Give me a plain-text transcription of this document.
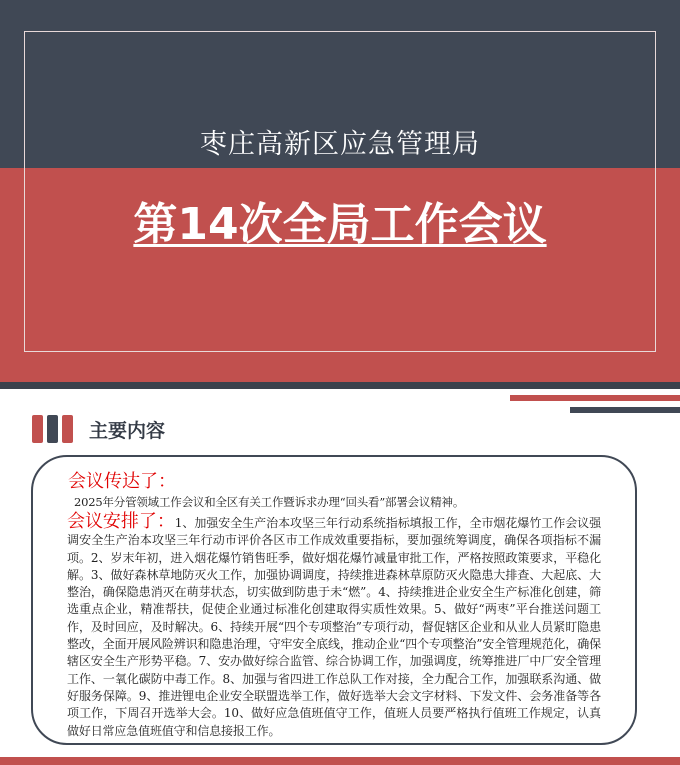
枣庄高新区应急管理局
第14次全局工作会议
主要内容
会议传达了：
2025年分管领域工作会议和全区有关工作暨诉求办理“回头看”部署会议精神。
会议安排了：1、加强安全生产治本攻坚三年行动系统指标填报工作，全市烟花爆竹工作会议强调安全生产治本攻坚三年行动市评价各区市工作成效重要指标，要加强统筹调度，确保各项指标不漏项。2、岁末年初，进入烟花爆竹销售旺季，做好烟花爆竹减量审批工作，严格按照政策要求，平稳化解。3、做好森林草地防灭火工作，加强协调调度，持续推进森林草原防灭火隐患大排查、大起底、大整治，确保隐患消灭在萌芽状态，切实做到防患于未“燃”。4、持续推进企业安全生产标准化创建，筛选重点企业，精准帮扶，促使企业通过标准化创建取得实质性效果。5、做好“两枣”平台推送问题工作，及时回应，及时解决。6、持续开展“四个专项整治”专项行动，督促辖区企业和从业人员紧盯隐患整改，全面开展风险辨识和隐患治理，守牢安全底线，推动企业“四个专项整治”安全管理规范化，确保辖区安全生产形势平稳。7、安办做好综合监管、综合协调工作，加强调度，统筹推进厂中厂安全管理工作、一氧化碳防中毒工作。8、加强与省四进工作总队工作对接，全力配合工作，加强联系沟通、做好服务保障。9、推进锂电企业安全联盟选举工作，做好选举大会文字材料、下发文件、会务准备等各项工作，下周召开选举大会。10、做好应急值班值守工作，值班人员要严格执行值班工作规定，认真做好日常应急值班值守和信息接报工作。
